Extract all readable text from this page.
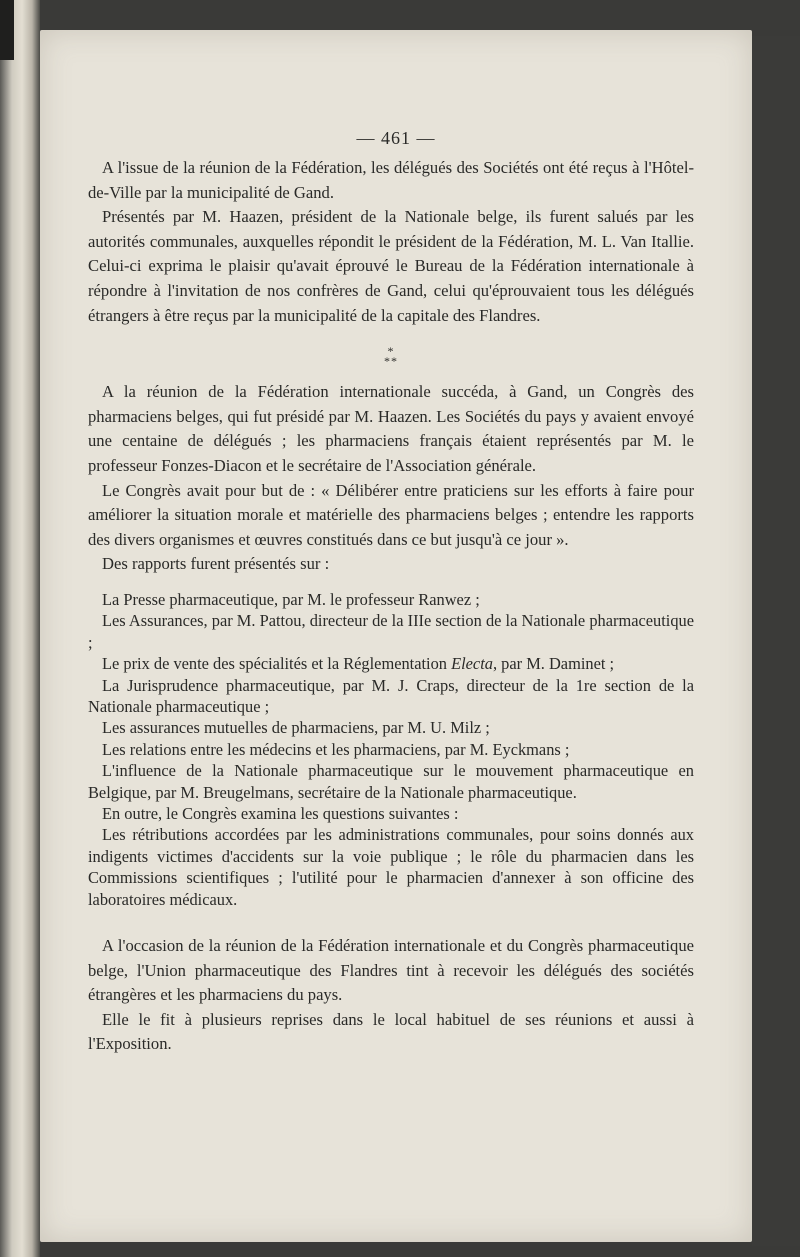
— 461 —

A l'issue de la réunion de la Fédération, les délégués des Sociétés ont été reçus à l'Hôtel-de-Ville par la municipalité de Gand.

Présentés par M. Haazen, président de la Nationale belge, ils furent salués par les autorités communales, auxquelles répondit le président de la Fédération, M. L. Van Itallie. Celui-ci exprima le plaisir qu'avait éprouvé le Bureau de la Fédération internationale à répondre à l'invitation de nos confrères de Gand, celui qu'éprouvaient tous les délégués étrangers à être reçus par la municipalité de la capitale des Flandres.

*
**

A la réunion de la Fédération internationale succéda, à Gand, un Congrès des pharmaciens belges, qui fut présidé par M. Haazen. Les Sociétés du pays y avaient envoyé une centaine de délégués ; les pharmaciens français étaient représentés par M. le professeur Fonzes-Diacon et le secrétaire de l'Association générale.

Le Congrès avait pour but de : « Délibérer entre praticiens sur les efforts à faire pour améliorer la situation morale et matérielle des pharmaciens belges ; entendre les rapports des divers organismes et œuvres constitués dans ce but jusqu'à ce jour ».

Des rapports furent présentés sur :

La Presse pharmaceutique, par M. le professeur Ranwez ;

Les Assurances, par M. Pattou, directeur de la IIIe section de la Nationale pharmaceutique ;

Le prix de vente des spécialités et la Réglementation Electa, par M. Daminet ;

La Jurisprudence pharmaceutique, par M. J. Craps, directeur de la 1re section de la Nationale pharmaceutique ;

Les assurances mutuelles de pharmaciens, par M. U. Milz ;

Les relations entre les médecins et les pharmaciens, par M. Eyckmans ;

L'influence de la Nationale pharmaceutique sur le mouvement pharmaceutique en Belgique, par M. Breugelmans, secrétaire de la Nationale pharmaceutique.

En outre, le Congrès examina les questions suivantes :

Les rétributions accordées par les administrations communales, pour soins donnés aux indigents victimes d'accidents sur la voie publique ; le rôle du pharmacien dans les Commissions scientifiques ; l'utilité pour le pharmacien d'annexer à son officine des laboratoires médicaux.

A l'occasion de la réunion de la Fédération internationale et du Congrès pharmaceutique belge, l'Union pharmaceutique des Flandres tint à recevoir les délégués des sociétés étrangères et les pharmaciens du pays.

Elle le fit à plusieurs reprises dans le local habituel de ses réunions et aussi à l'Exposition.
